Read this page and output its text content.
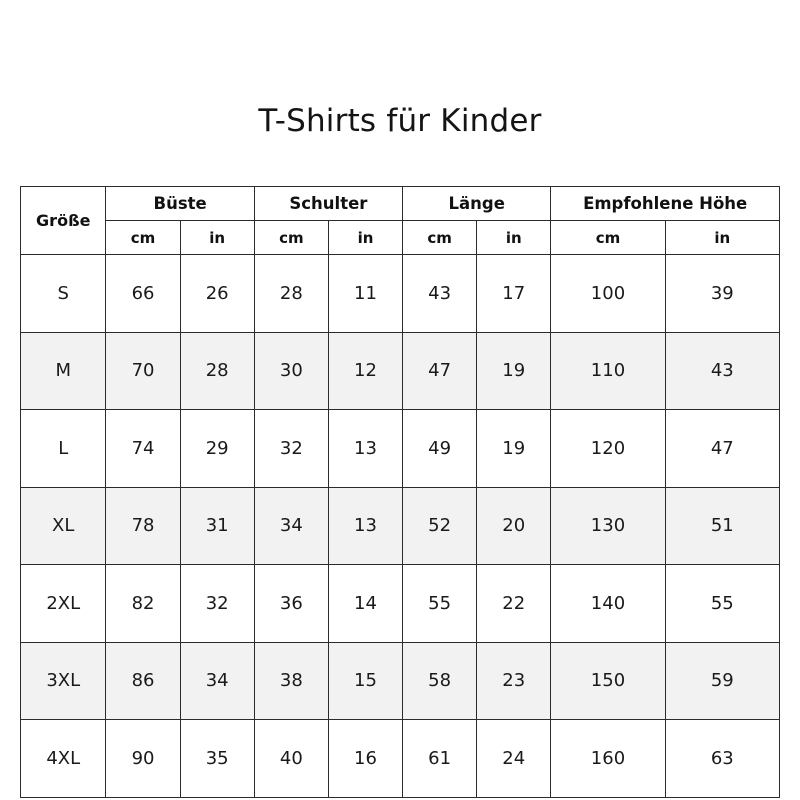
T-Shirts für Kinder
Größe	Büste		Schulter		Länge		Empfohlene Höhe	
	cm	in	cm	in	cm	in	cm	in
S	66	26	28	11	43	17	100	39
M	70	28	30	12	47	19	110	43
L	74	29	32	13	49	19	120	47
XL	78	31	34	13	52	20	130	51
2XL	82	32	36	14	55	22	140	55
3XL	86	34	38	15	58	23	150	59
4XL	90	35	40	16	61	24	160	63
